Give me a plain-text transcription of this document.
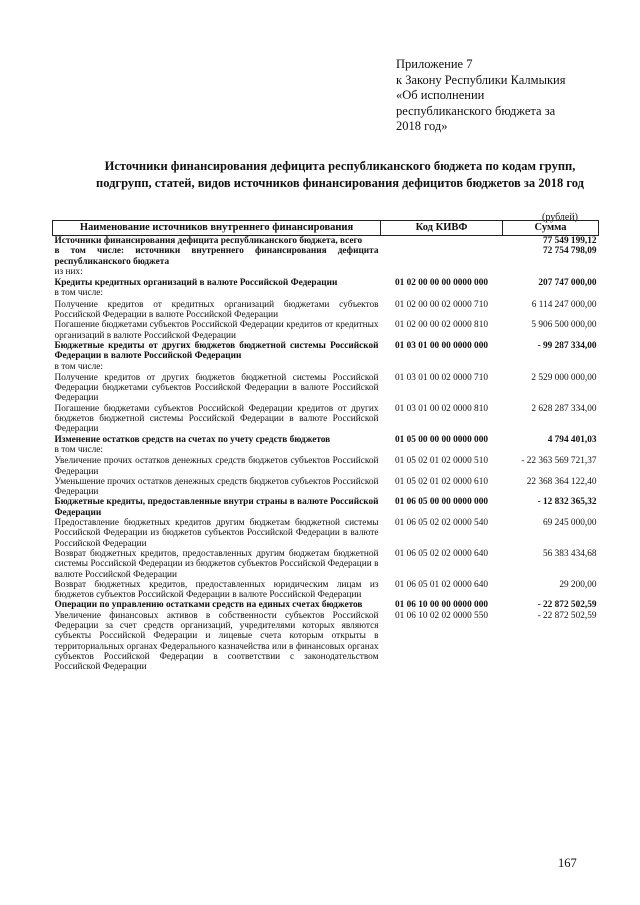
Приложение 7
к Закону Республики Калмыкия
«Об исполнении
республиканского бюджета за
2018 год»
Источники финансирования дефицита республиканского бюджета по кодам групп,
подгрупп, статей, видов источников финансирования дефицитов бюджетов за 2018 год
(рублей)
Наименование источников внутреннего финансирования	Код КИВФ	Сумма
Источники финансирования дефицита республиканского бюджета, всего		77 549 199,12
в том числе: источники внутреннего финансирования дефицита республиканского бюджета		72 754 798,09
из них:		
Кредиты кредитных организаций в валюте Российской Федерации	01 02 00 00 00 0000 000	207 747 000,00
в том числе:		
Получение кредитов от кредитных организаций бюджетами субъектов Российской Федерации в валюте Российской Федерации	01 02 00 00 02 0000 710	6 114 247 000,00
Погашение бюджетами субъектов Российской Федерации кредитов от кредитных организаций в валюте Российской Федерации	01 02 00 00 02 0000 810	5 906 500 000,00
Бюджетные кредиты от других бюджетов бюджетной системы Российской Федерации в валюте Российской Федерации	01 03 01 00 00 0000 000	- 99 287 334,00
в том числе:		
Получение кредитов от других бюджетов бюджетной системы Российской Федерации бюджетами субъектов Российской Федерации в валюте Российской Федерации	01 03 01 00 02 0000 710	2 529 000 000,00
Погашение бюджетами субъектов Российской Федерации кредитов от других бюджетов бюджетной системы Российской Федерации в валюте Российской Федерации	01 03 01 00 02 0000 810	2 628 287 334,00
Изменение остатков средств на счетах по учету средств бюджетов	01 05 00 00 00 0000 000	4 794 401,03
в том числе:		
Увеличение прочих остатков денежных средств бюджетов субъектов Российской Федерации	01 05 02 01 02 0000 510	- 22 363 569 721,37
Уменьшение прочих остатков денежных средств бюджетов субъектов Российской Федерации	01 05 02 01 02 0000 610	22 368 364 122,40
Бюджетные кредиты, предоставленные внутри страны в валюте Российской Федерации	01 06 05 00 00 0000 000	- 12 832 365,32
Предоставление бюджетных кредитов другим бюджетам бюджетной системы Российской Федерации из бюджетов субъектов Российской Федерации в валюте Российской Федерации	01 06 05 02 02 0000 540	69 245 000,00
Возврат бюджетных кредитов, предоставленных другим бюджетам бюджетной системы Российской Федерации из бюджетов субъектов Российской Федерации в валюте Российской Федерации	01 06 05 02 02 0000 640	56 383 434,68
Возврат бюджетных кредитов, предоставленных юридическим лицам из бюджетов субъектов Российской Федерации в валюте Российской Федерации	01 06 05 01 02 0000 640	29 200,00
Операции по управлению остатками средств на единых счетах бюджетов	01 06 10 00 00 0000 000	- 22 872 502,59
Увеличение финансовых активов в собственности субъектов Российской Федерации за счет средств организаций, учредителями которых являются субъекты Российской Федерации и лицевые счета которым открыты в территориальных органах Федерального казначейства или в финансовых органах субъектов Российской Федерации в соответствии с законодательством Российской Федерации	01 06 10 02 02 0000 550	- 22 872 502,59
167
